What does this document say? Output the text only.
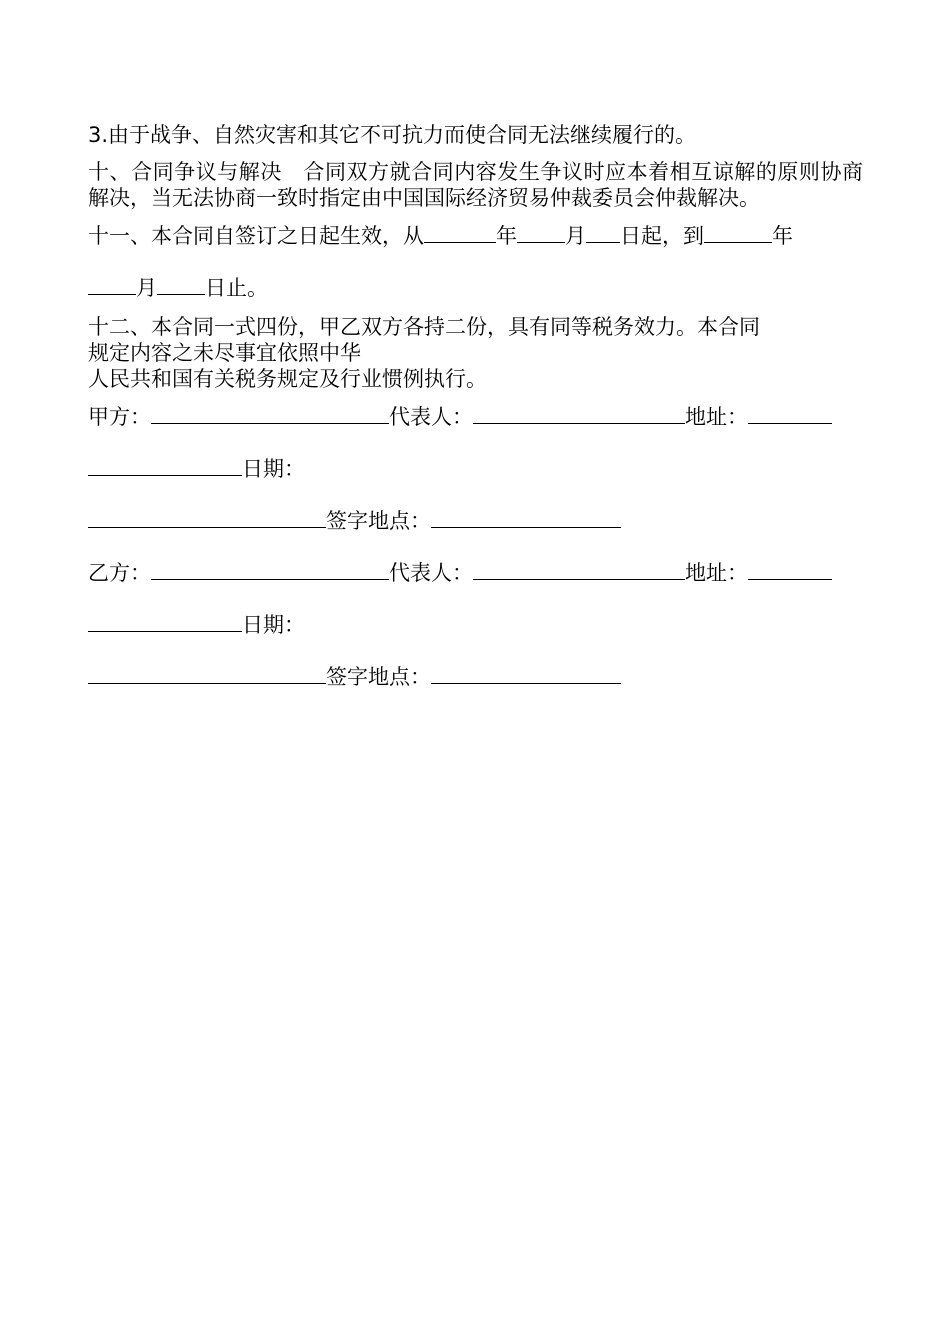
3.由于战争、自然灾害和其它不可抗力而使合同无法继续履行的。

十、合同争议与解决　合同双方就合同内容发生争议时应本着相互谅解的原则协商解决，当无法协商一致时指定由中国国际经济贸易仲裁委员会仲裁解决。

十一、本合同自签订之日起生效，从	年 月 日起，到	年

月 日止。

十二、本合同一式四份，甲乙双方各持二份，具有同等税务效力。本合同

规定内容之未尽事宜依照中华

人民共和国有关税务规定及行业惯例执行。

甲方：	代表人：	地址：

日期：

签字地点：

乙方：	代表人：	地址：

日期：

签字地点：
